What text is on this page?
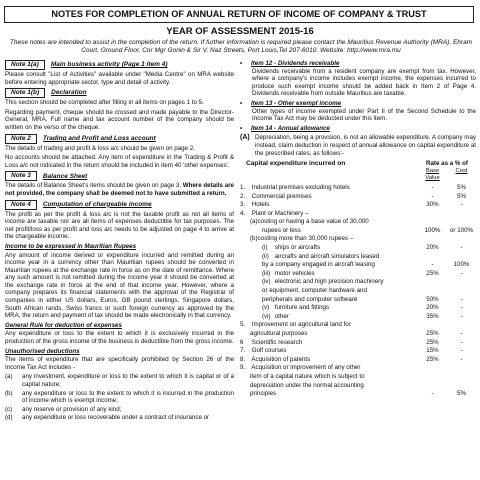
NOTES FOR COMPLETION OF ANNUAL RETURN OF INCOME OF COMPANY & TRUST
YEAR OF ASSESSMENT 2015-16
These notes are intended to assist in the completion of the return. If further information is required please contact the Mauritius Revenue Authority (MRA), Ehram Court, Ground Floor, Cnr Mgr Gonin & Sir V. Naz Streets, Port Louis,Tel 207-6010. Website: http://www.mra.mu
Note 1(a)	Main business activity (Page 1 item 4)

Please consult "List of Activities" available under "Media Centre" on MRA website before entering appropriate sector, type and detail of activity.

Note 1(b)	Declaration

This section should be completed after filling in all items on pages 1 to 5.

Regarding payment, cheque should be crossed and made payable to the Director-General, MRA. Full name and tax account number of the company should be written on the verso of the cheque.

Note 2	Trading and Profit and Loss account

The details of trading and profit & loss a/c should be given on page 2.

No accounts should be attached. Any item of expenditure in the Trading & Profit & Loss a/c not indicated in the return should be included in item 40 'other expenses'.

Note 3	Balance Sheet

The details of Balance Sheet's items should be given on page 3. Where details are not provided, the company shall be deemed not to have submitted a return.

Note 4	Computation of chargeable income

The profit as per the profit & loss a/c is not the taxable profit as not all items of income are taxable nor are all items of expenses deductible for tax purposes. The net profit/loss as per profit and loss a/c needs to be adjusted on page 4 to arrive at the chargeable income.

Income to be expressed in Mauritian Rupees

Any amount of income derived or expenditure incurred and remitted during an income year in a currency other than Mauritian rupees should be converted in Mauritian rupees at the exchange rate in force as on the date of remittance. Where any such amount is not remitted during the income year it should be converted at the exchange rate in force at the end of that income year. However, where a company prepares its financial statements with the approval of the Registrar of companies in either US dollars, Euros, GB pound sterlings, Singapore dollars, South African rands, Swiss francs or such foreign currency as approved by the MRA, the return and payment of tax should be made electronically in that currency.

General Rule for deduction of expenses

Any expenditure or loss to the extent to which it is exclusively incurred in the production of the gross income of the business is deductible from the gross income.

Unauthorised deductions

The items of expenditure that are specifically prohibited by Section 26 of the Income Tax Act includes -

(a)	any investment, expenditure or loss to the extent to which it is capital or of a capital nature;
(b)	any expenditure or loss to the extent to which it is incurred in the production of income which is exempt income;
(c)	any reserve or provision of any kind;
(d)	any expenditure or loss recoverable under a contract of insurance or
•	Item 12 - Dividends receivable

Dividends receivable from a resident company are exempt from tax. However, where a company's income includes exempt income, the expenses incurred to produce such exempt income should be added back in Item 2 of Page 4. Dividends receivable from outside Mauritius are taxable.

•	Item 13 - Other exempt income

Other types of income exempted under Part II of the Second Schedule to the Income Tax Act may be deducted under this item.

•	Item 14 - Annual allowance
(A) Depreciation, being a provision, is not an allowable expenditure. A company may instead, claim deduction in respect of annual allowance on capital expenditure at the prescribed rates, as follows:-
Capital expenditure incurred on	Rate as a % of
Base Value
Cost
1. Industrial premises excluding hotels	-	5%
2. Commercial premises	-	5%
3. Hotels	30%	-
4. Plant or Machinery –
(a)costing or having a base value of 30,000
rupees or less	100%	or 100%
(b)costing more than 30,000 rupees –
(i) ships or aircrafts	20%	-
(ii) aircrafts and aircraft simulators leased
by a company engaged in aircraft leasing	-	100%
(iii) motor vehicles	25%	-
(iv) electronic and high precision machinery
or equipment, computer hardware and
peripherals and computer software	50%	-
(v) furniture and fittings	20%	-
(vi) other	35%	-
5. Improvement on agricultural land for
agricultural purposes	25%	-
6 Scientific research	25%	-
7. Golf courses	15%	-
8. Acquisition of patents	25%	-
9. Acquisition or improvement of any other
item of a capital nature which is subject to
depreciation under the normal accounting
principles	-	5%
